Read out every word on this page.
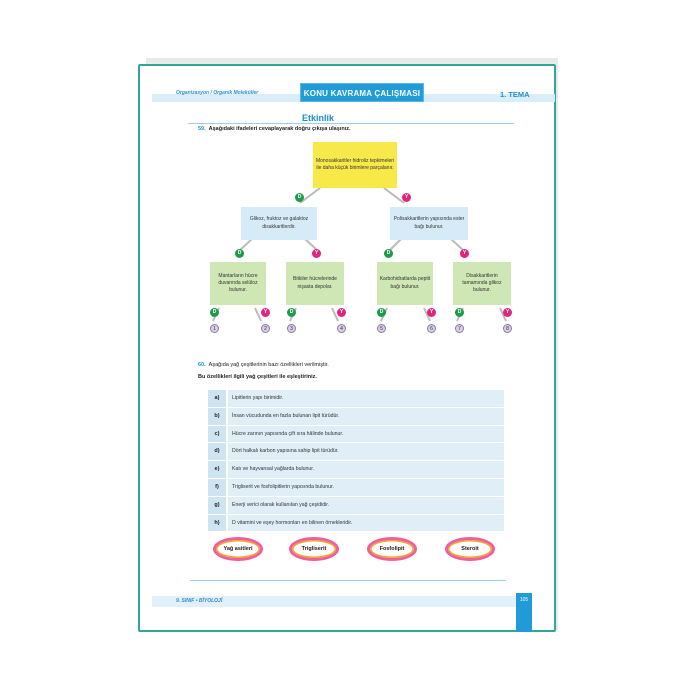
Organizasyon / Organik Moleküller	KONU KAVRAMA ÇALIŞMASI	1. TEMA
Etkinlik
59. Aşağıdaki ifadeleri cevaplayarak doğru çıkışa ulaşınız.
Monosakkaritler hidroliz tepkimeleri ile daha küçük birimlere parçalanır.
D	Y
Glikoz, fruktoz ve galaktoz disakkaritlerdir.
Polisakkaritlerin yapısında ester bağı bulunur.
D	Y	D	Y
Mantarların hücre duvarında selüloz bulunur.
Bitkiler hücrelerinde nişasta depolar.
Karbohidratlarda peptit bağı bulunur.
Disakkaritlerin tamamında glikoz bulunur.
D	Y	D	Y	D	Y	D	Y
1	2	3	4	5	6	7	8
60. Aşağıda yağ çeşitlerinin bazı özellikleri verilmiştir.
Bu özellikleri ilgili yağ çeşitleri ile eşleştiriniz.
a)	Lipitlerin yapı birimidir.
b)	İnsan vücudunda en fazla bulunan lipit türüdür.
c)	Hücre zarının yapısında çift sıra hâlinde bulunur.
d)	Dört halkalı karbon yapısına sahip lipit türüdür.
e)	Katı ve hayvansal yağlarda bulunur.
f)	Trigliserit ve fosfolipitlerin yapısında bulunur.
g)	Enerji verici olarak kullanılan yağ çeşididir.
h)	D vitamini ve eşey hormonları en bilinen örnekleridir.
Yağ asitleri	Trigliserit	Fosfolipit	Steroit
9. SINIF • BİYOLOJİ	105
